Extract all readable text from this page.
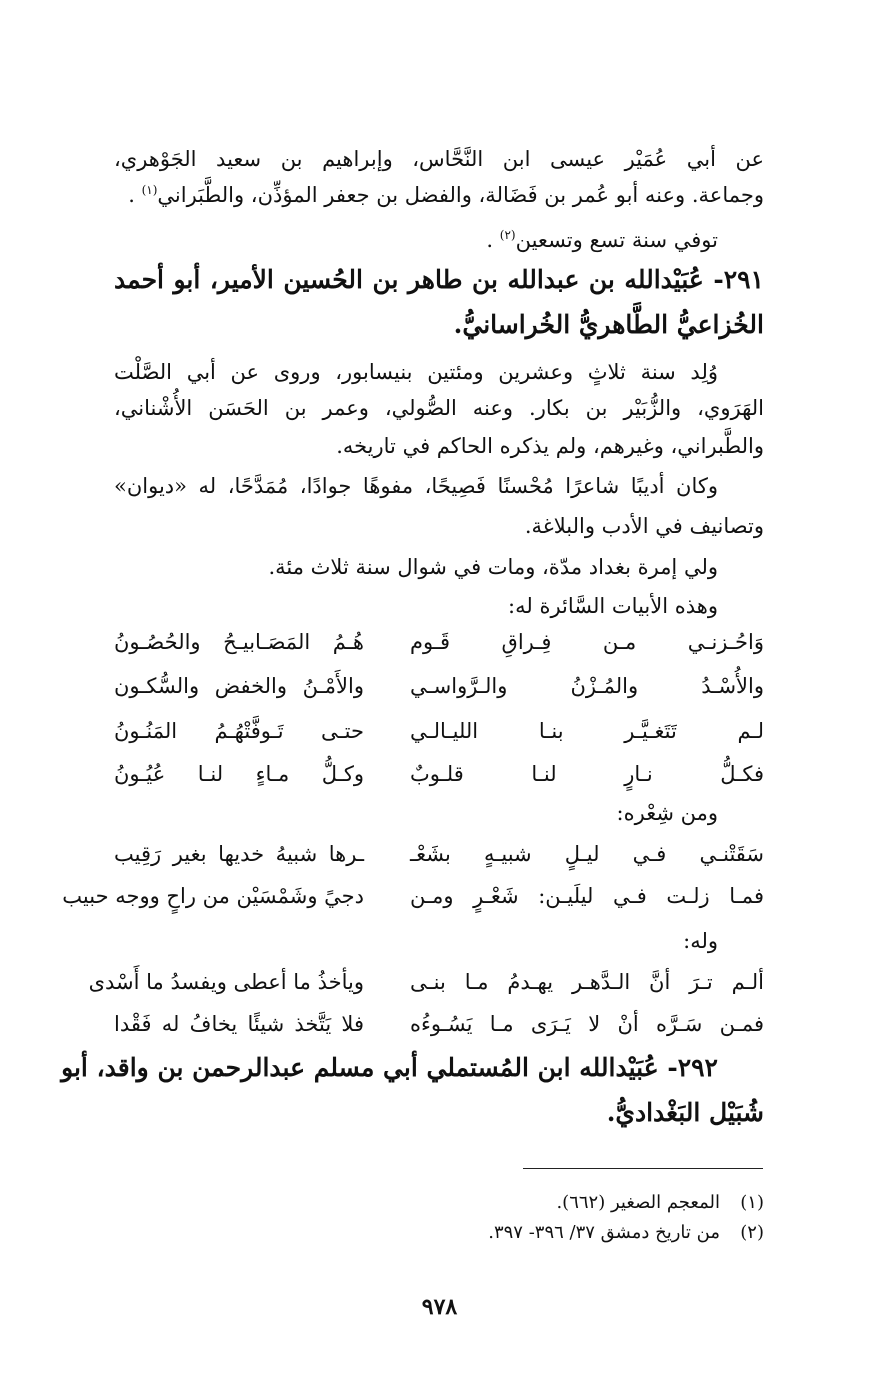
عن أبي عُمَيْر عيسى ابن النَّحَّاس، وإبراهيم بن سعيد الجَوْهري،
وجماعة. وعنه أبو عُمر بن فَضَالة، والفضل بن جعفر المؤذِّن، والطَّبَراني$^{(١)}$ .
توفي سنة تسع وتسعين$^{(٢)}$ .
٢٩١- عُبَيْدالله بن عبدالله بن طاهر بن الحُسين الأمير، أبو أحمد
الخُزاعيُّ الطَّاهريُّ الخُراسانيُّ.
وُلِد سنة ثلاثٍ وعشرين ومئتين بنيسابور، وروى عن أبي الصَّلْت
الهَرَوي، والزُّبَيْر بن بكار. وعنه الصُّولي، وعمر بن الحَسَن الأُشْناني،
والطَّبراني، وغيرهم، ولم يذكره الحاكم في تاريخه.
وكان أديبًا شاعرًا مُحْسنًا فَصِيحًا، مفوهًا جوادًا، مُمَدَّحًا، له «ديوان»
وتصانيف في الأدب والبلاغة.
ولي إمرة بغداد مدّة، ومات في شوال سنة ثلاث مئة.
وهذه الأبيات السَّائرة له:
وَاحُـزنـي مـن فِـراقِ قَـوم
هُـمُ المَصَـابيـحُ والحُصُـونُ
والأُسْـدُ والمُـزْنُ والـرَّواسـي
والأَمْـنُ والخفض والسُّكـون
لـم تَتَغـيَّـر بنـا الليـالـي
حتـى تَـوفَّتْهُـمُ المَنُـونُ
فكـلُّ نـارٍ لنـا قلـوبٌ
وكـلُّ مـاءٍ لنـا عُيُـونُ
ومن شِعْره:
سَقَتْنـي فـي ليـلٍ شبيـهٍ بشَعْـ
ـرها شبيهُ خديها بغير رَقِيب
فمـا زلـت فـي ليلَيـن: شَعْـرٍ ومـن
دجيً وشَمْسَيْن من راحٍ ووجه حبيب
وله:
ألـم تـرَ أنَّ الـدَّهـر يهـدمُ مـا بنـى
ويأخذُ ما أعطى ويفسدُ ما أَسْدى
فمـن سَـرَّه أنْ لا يَـرَى مـا يَسُـوءُه
فلا يَتَّخذ شيئًا يخافُ له فَقْدا
٢٩٢- عُبَيْدالله ابن المُستملي أبي مسلم عبدالرحمن بن واقد، أبو
شُبَيْل البَغْداديُّ.
(١)المعجم الصغير (٦٦٢).
(٢)من تاريخ دمشق ٣٧/ ٣٩٦- ٣٩٧.
٩٧٨
